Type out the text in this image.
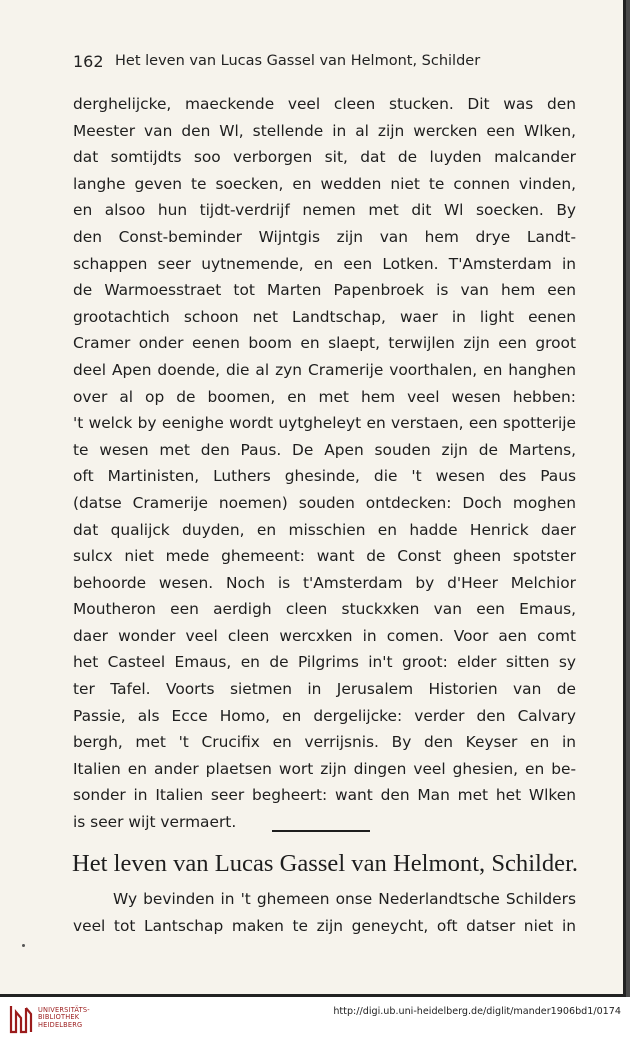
162 Het leven van Lucas Gassel van Helmont, Schilder
derghelijcke, maeckende veel cleen stucken. Dit was den
Meester van den Wl, stellende in al zijn wercken een Wlken,
dat somtijdts soo verborgen sit, dat de luyden malcander
langhe geven te soecken, en wedden niet te connen vinden,
en alsoo hun tijdt-verdrijf nemen met dit Wl soecken. By
den Const-beminder Wijntgis zijn van hem drye Landt-
schappen seer uytnemende, en een Lotken. T'Amsterdam in
de Warmoesstraet tot Marten Papenbroek is van hem een
grootachtich schoon net Landtschap, waer in light eenen
Cramer onder eenen boom en slaept, terwijlen zijn een groot
deel Apen doende, die al zyn Cramerije voorthalen, en hanghen
over al op de boomen, en met hem veel wesen hebben:
't welck by eenighe wordt uytgheleyt en verstaen, een spotterije
te wesen met den Paus. De Apen souden zijn de Martens,
oft Martinisten, Luthers ghesinde, die 't wesen des Paus
(datse Cramerije noemen) souden ontdecken: Doch moghen
dat qualijck duyden, en misschien en hadde Henrick daer
sulcx niet mede ghemeent: want de Const gheen spotster
behoorde wesen. Noch is t'Amsterdam by d'Heer Melchior
Moutheron een aerdigh cleen stuckxken van een Emaus,
daer wonder veel cleen wercxken in comen. Voor aen comt
het Casteel Emaus, en de Pilgrims in't groot: elder sitten sy
ter Tafel. Voorts sietmen in Jerusalem Historien van de
Passie, als Ecce Homo, en dergelijcke: verder den Calvary
bergh, met 't Crucifix en verrijsnis. By den Keyser en in
Italien en ander plaetsen wort zijn dingen veel ghesien, en be-
sonder in Italien seer begheert: want den Man met het Wlken
is seer wijt vermaert.
Het leven van Lucas Gassel van Helmont, Schilder.
Wy bevinden in 't ghemeen onse Nederlandtsche Schilders
veel tot Lantschap maken te zijn geneycht, oft datser niet in
UNIVERSITÄTS-
BIBLIOTHEK
HEIDELBERG
http://digi.ub.uni-heidelberg.de/diglit/mander1906bd1/0174
